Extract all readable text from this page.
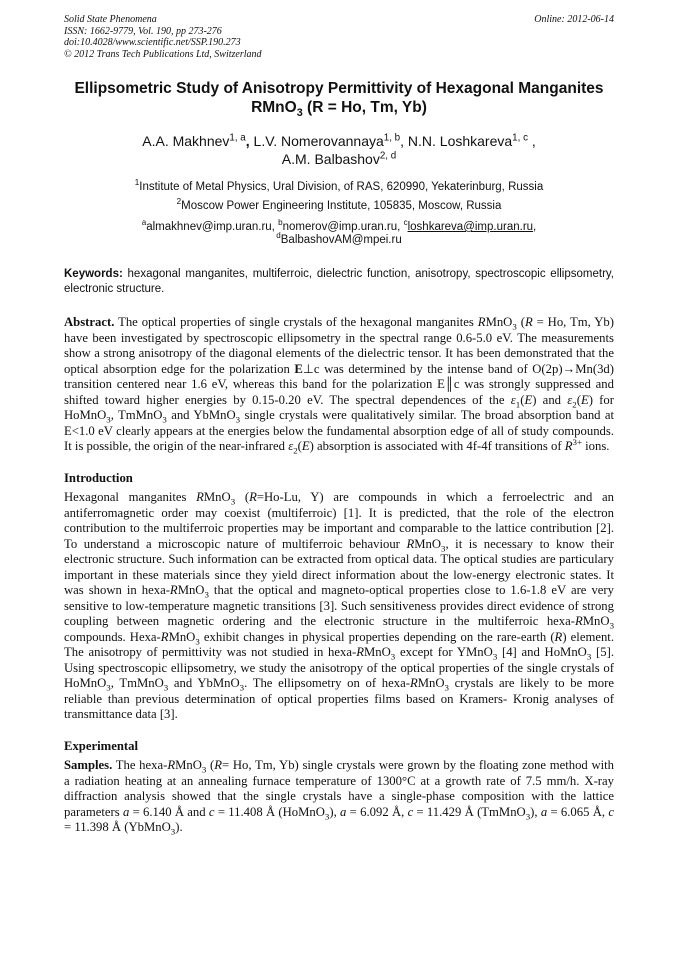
Solid State Phenomena
ISSN: 1662-9779, Vol. 190, pp 273-276
doi:10.4028/www.scientific.net/SSP.190.273
© 2012 Trans Tech Publications Ltd, Switzerland
Online: 2012-06-14
Ellipsometric Study of Anisotropy Permittivity of Hexagonal Manganites
RMnO$_3$ (R = Ho, Tm, Yb)
A.A. Makhnev$^{1, a}$, L.V. Nomerovannaya$^{1, b}$, N.N. Loshkareva$^{1, c}$ ,
A.M. Balbashov$^{2, d}$
$^1$Institute of Metal Physics, Ural Division, of RAS, 620990, Yekaterinburg, Russia
$^2$Moscow Power Engineering Institute, 105835, Moscow, Russia
$^a$almakhnev@imp.uran.ru, $^b$nomerov@imp.uran.ru, $^c$loshkareva@imp.uran.ru,
$^d$BalbashovAM@mpei.ru
Keywords: hexagonal manganites, multiferroic, dielectric function, anisotropy, spectroscopic ellipsometry, electronic structure.

Abstract. The optical properties of single crystals of the hexagonal manganites RMnO$_3$ (R = Ho, Tm, Yb) have been investigated by spectroscopic ellipsometry in the spectral range 0.6-5.0 eV. The measurements show a strong anisotropy of the diagonal elements of the dielectric tensor. It has been demonstrated that the optical absorption edge for the polarization E⊥c was determined by the intense band of O(2p)→Mn(3d) transition centered near 1.6 eV, whereas this band for the polarization E║c was strongly suppressed and shifted toward higher energies by 0.15-0.20 eV. The spectral dependences of the $\varepsilon_1(E)$ and $\varepsilon_2(E)$ for HoMnO$_3$, TmMnO$_3$ and YbMnO$_3$ single crystals were qualitatively similar. The broad absorption band at E<1.0 eV clearly appears at the energies below the fundamental absorption edge of all of study compounds. It is possible, the origin of the near-infrared $\varepsilon_2(E)$ absorption is associated with 4f-4f transitions of $R^{3+}$ ions.

Introduction

Hexagonal manganites RMnO$_3$ (R=Ho-Lu, Y) are compounds in which a ferroelectric and an antiferromagnetic order may coexist (multiferroic) [1]. It is predicted, that the role of the electron contribution to the multiferroic properties may be important and comparable to the lattice contribution [2]. To understand a microscopic nature of multiferroic behaviour RMnO$_3$, it is necessary to know their electronic structure. Such information can be extracted from optical data. The optical studies are particulary important in these materials since they yield direct information about the low-energy electronic states. It was shown in hexa-RMnO$_3$ that the optical and magneto-optical properties close to 1.6-1.8 eV are very sensitive to low-temperature magnetic transitions [3]. Such sensitiveness provides direct evidence of strong coupling between magnetic ordering and the electronic structure in the multiferroic hexa-RMnO$_3$ compounds. Hexa-RMnO$_3$ exhibit changes in physical properties depending on the rare-earth (R) element. The anisotropy of permittivity was not studied in hexa-RMnO$_3$ except for YMnO$_3$ [4] and HoMnO$_3$ [5]. Using spectroscopic ellipsometry, we study the anisotropy of the optical properties of the single crystals of HoMnO$_3$, TmMnO$_3$ and YbMnO$_3$. The ellipsometry on of hexa-RMnO$_3$ crystals are likely to be more reliable than previous determination of optical properties films based on Kramers- Kronig analyses of transmittance data [3].

Experimental

Samples. The hexa-RMnO$_3$ (R= Ho, Tm, Yb) single crystals were grown by the floating zone method with a radiation heating at an annealing furnace temperature of 1300°C at a growth rate of 7.5 mm/h. X-ray diffraction analysis showed that the single crystals have a single-phase composition with the lattice parameters a = 6.140 Å and c = 11.408 Å (HoMnO$_3$), a = 6.092 Å, c = 11.429 Å (TmMnO$_3$), a = 6.065 Å, c = 11.398 Å (YbMnO$_3$).
